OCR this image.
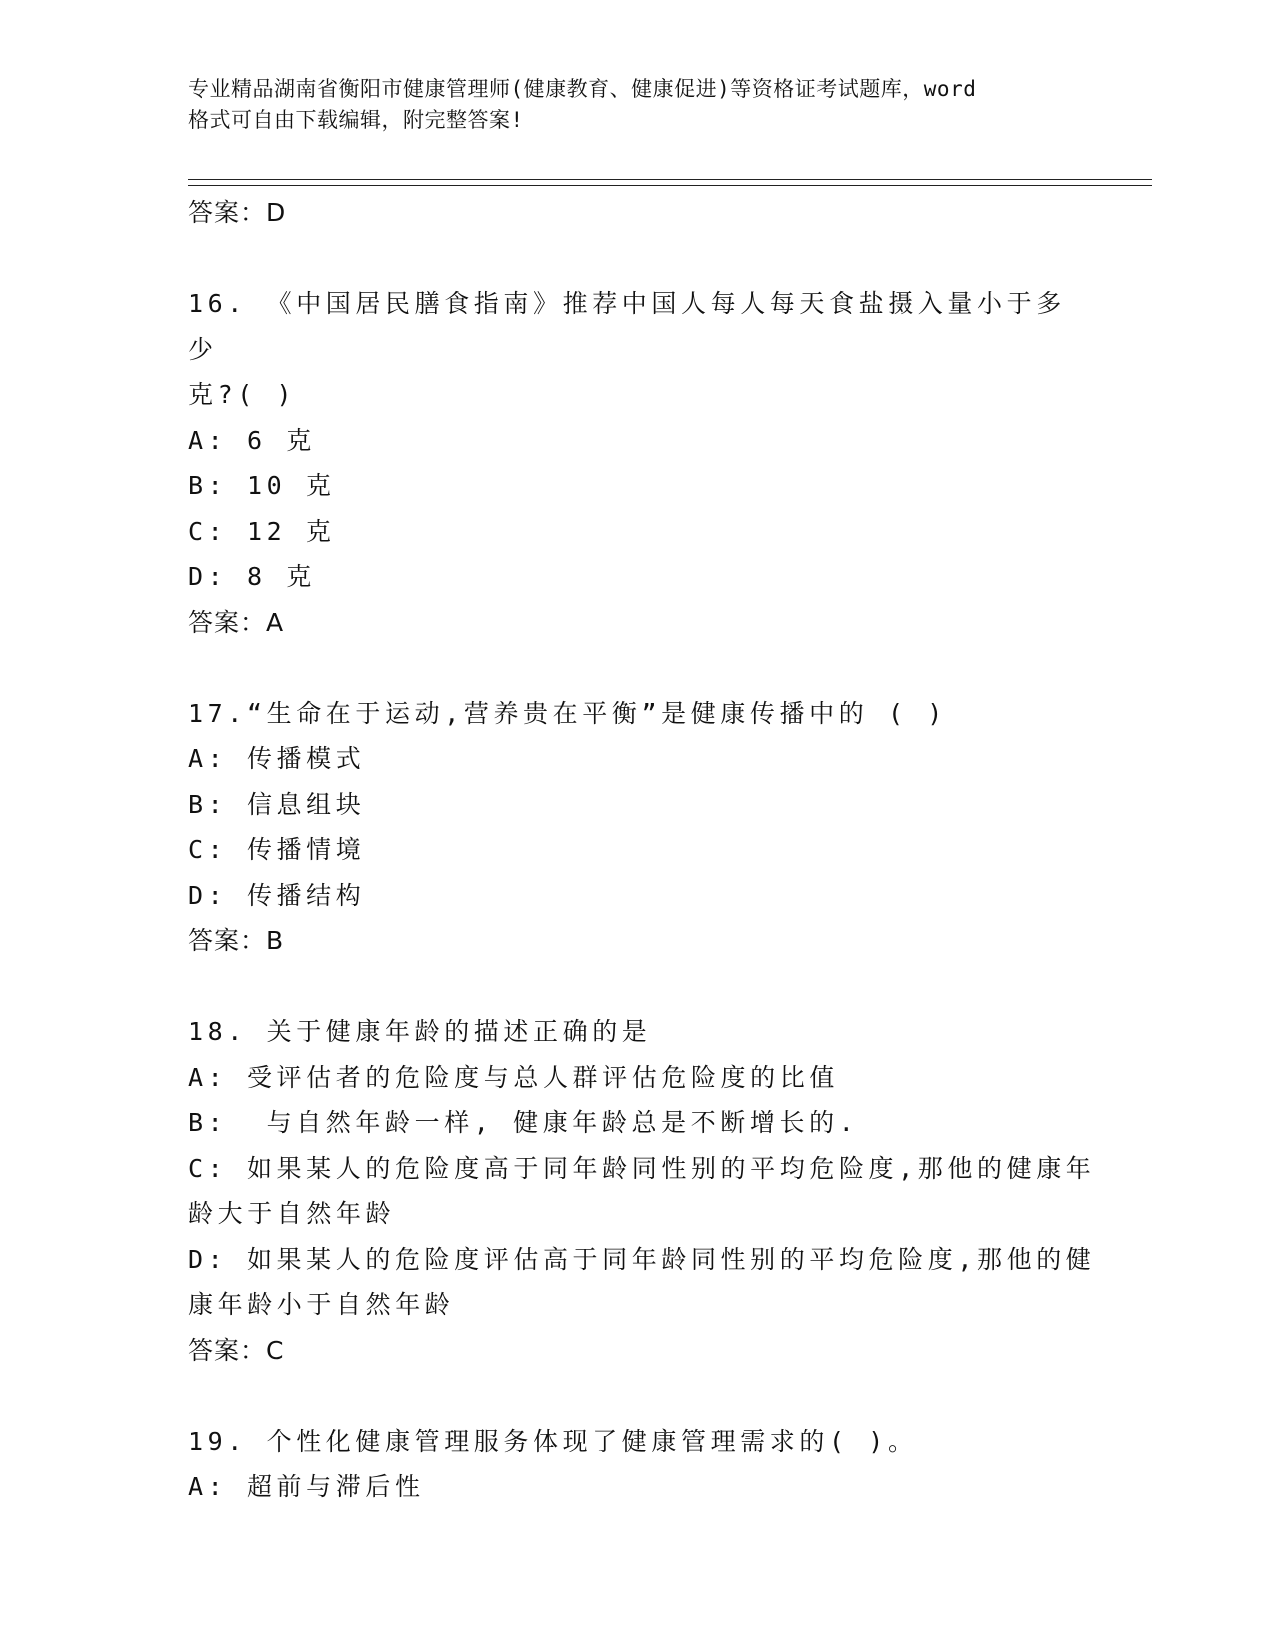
专业精品湖南省衡阳市健康管理师(健康教育、健康促进)等资格证考试题库，word
格式可自由下载编辑，附完整答案!
答案：D
16. 《中国居民膳食指南》推荐中国人每人每天食盐摄入量小于多少
克?( )
A: 6 克
B: 10 克
C: 12 克
D: 8 克
答案：A
17.“生命在于运动,营养贵在平衡”是健康传播中的 ( )
A: 传播模式
B: 信息组块
C: 传播情境
D: 传播结构
答案：B
18. 关于健康年龄的描述正确的是
A: 受评估者的危险度与总人群评估危险度的比值
B:  与自然年龄一样, 健康年龄总是不断增长的.
C: 如果某人的危险度高于同年龄同性别的平均危险度,那他的健康年
龄大于自然年龄
D: 如果某人的危险度评估高于同年龄同性别的平均危险度,那他的健
康年龄小于自然年龄
答案：C
19. 个性化健康管理服务体现了健康管理需求的( )。
A: 超前与滞后性
